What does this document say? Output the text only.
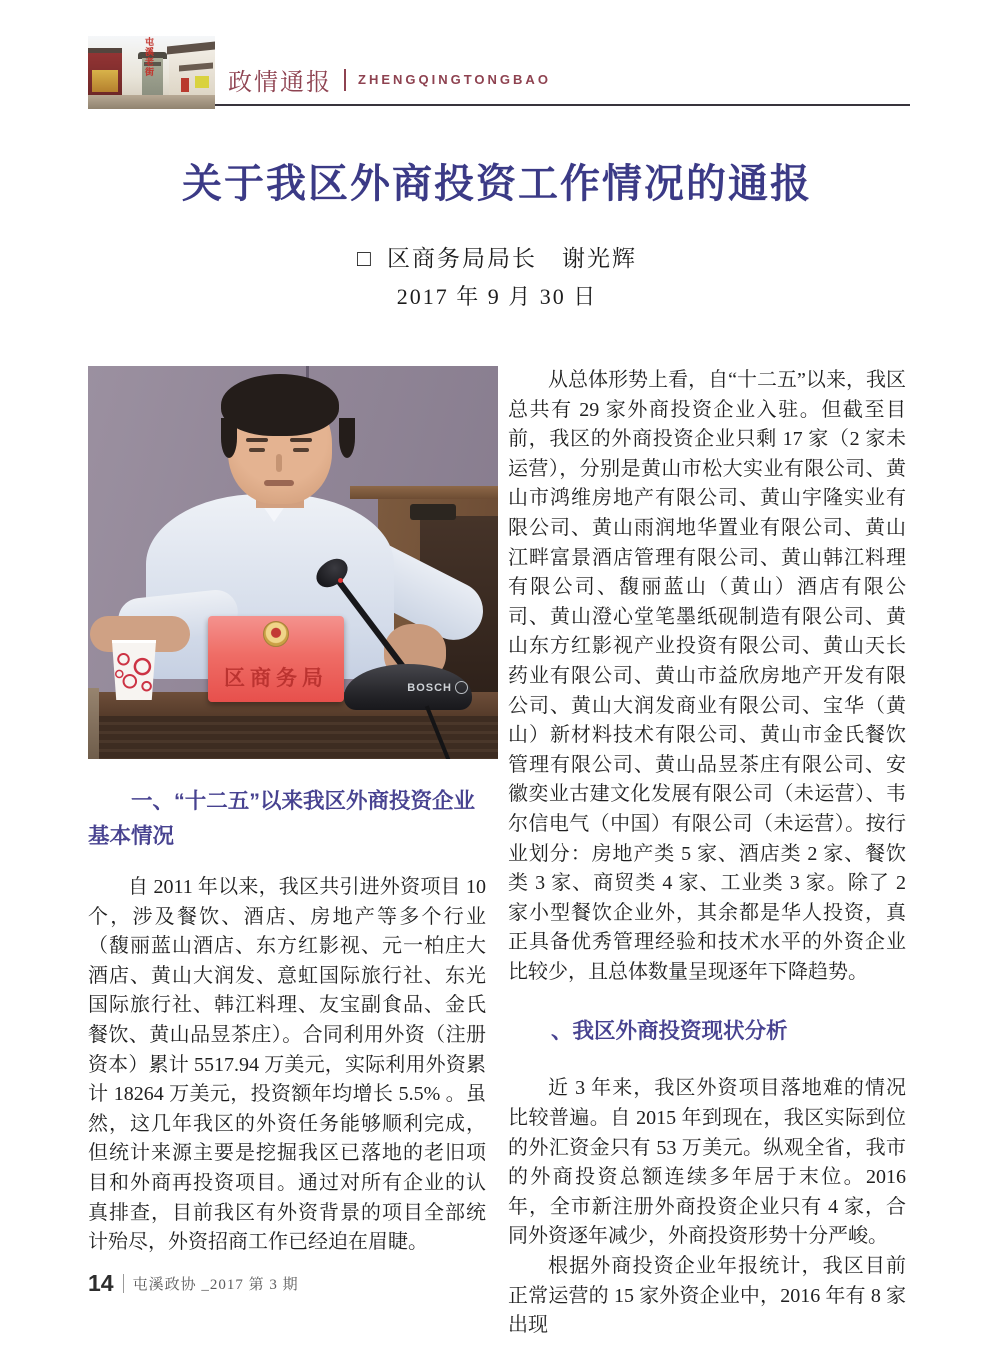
屯溪老街
政情通报 ZHENGQINGTONGBAO
关于我区外商投资工作情况的通报
□ 区商务局局长　谢光辉
2017 年 9 月 30 日
区商务局	BOSCH
一、“十二五”以来我区外商投资企业基本情况

自 2011 年以来，我区共引进外资项目 10 个，涉及餐饮、酒店、房地产等多个行业（馥丽蓝山酒店、东方红影视、元一柏庄大酒店、黄山大润发、意虹国际旅行社、东光国际旅行社、韩江料理、友宝副食品、金氏餐饮、黄山品昱茶庄）。合同利用外资（注册资本）累计 5517.94 万美元，实际利用外资累计 18264 万美元，投资额年均增长 5.5% 。虽然，这几年我区的外资任务能够顺利完成，但统计来源主要是挖掘我区已落地的老旧项目和外商再投资项目。通过对所有企业的认真排查，目前我区有外资背景的项目全部统计殆尽，外资招商工作已经迫在眉睫。

从总体形势上看，自“十二五”以来，我区总共有 29 家外商投资企业入驻。但截至目前，我区的外商投资企业只剩 17 家（2 家未运营），分别是黄山市松大实业有限公司、黄山市鸿维房地产有限公司、黄山宇隆实业有限公司、黄山雨润地华置业有限公司、黄山江畔富景酒店管理有限公司、黄山韩江料理有限公司、馥丽蓝山（黄山）酒店有限公司、黄山澄心堂笔墨纸砚制造有限公司、黄山东方红影视产业投资有限公司、黄山天长药业有限公司、黄山市益欣房地产开发有限公司、黄山大润发商业有限公司、宝华（黄山）新材料技术有限公司、黄山市金氏餐饮管理有限公司、黄山品昱茶庄有限公司、安徽奕业古建文化发展有限公司（未运营）、韦尔信电气（中国）有限公司（未运营）。按行业划分：房地产类 5 家、酒店类 2 家、餐饮类 3 家、商贸类 4 家、工业类 3 家。除了 2 家小型餐饮企业外，其余都是华人投资，真正具备优秀管理经验和技术水平的外资企业比较少，且总体数量呈现逐年下降趋势。

、我区外商投资现状分析

近 3 年来，我区外资项目落地难的情况比较普遍。自 2015 年到现在，我区实际到位的外汇资金只有 53 万美元。纵观全省，我市的外商投资总额连续多年居于末位。2016 年，全市新注册外商投资企业只有 4 家，合同外资逐年减少，外商投资形势十分严峻。

根据外商投资企业年报统计，我区目前正常运营的 15 家外资企业中，2016 年有 8 家出现

14 屯溪政协 _2017 第 3 期
